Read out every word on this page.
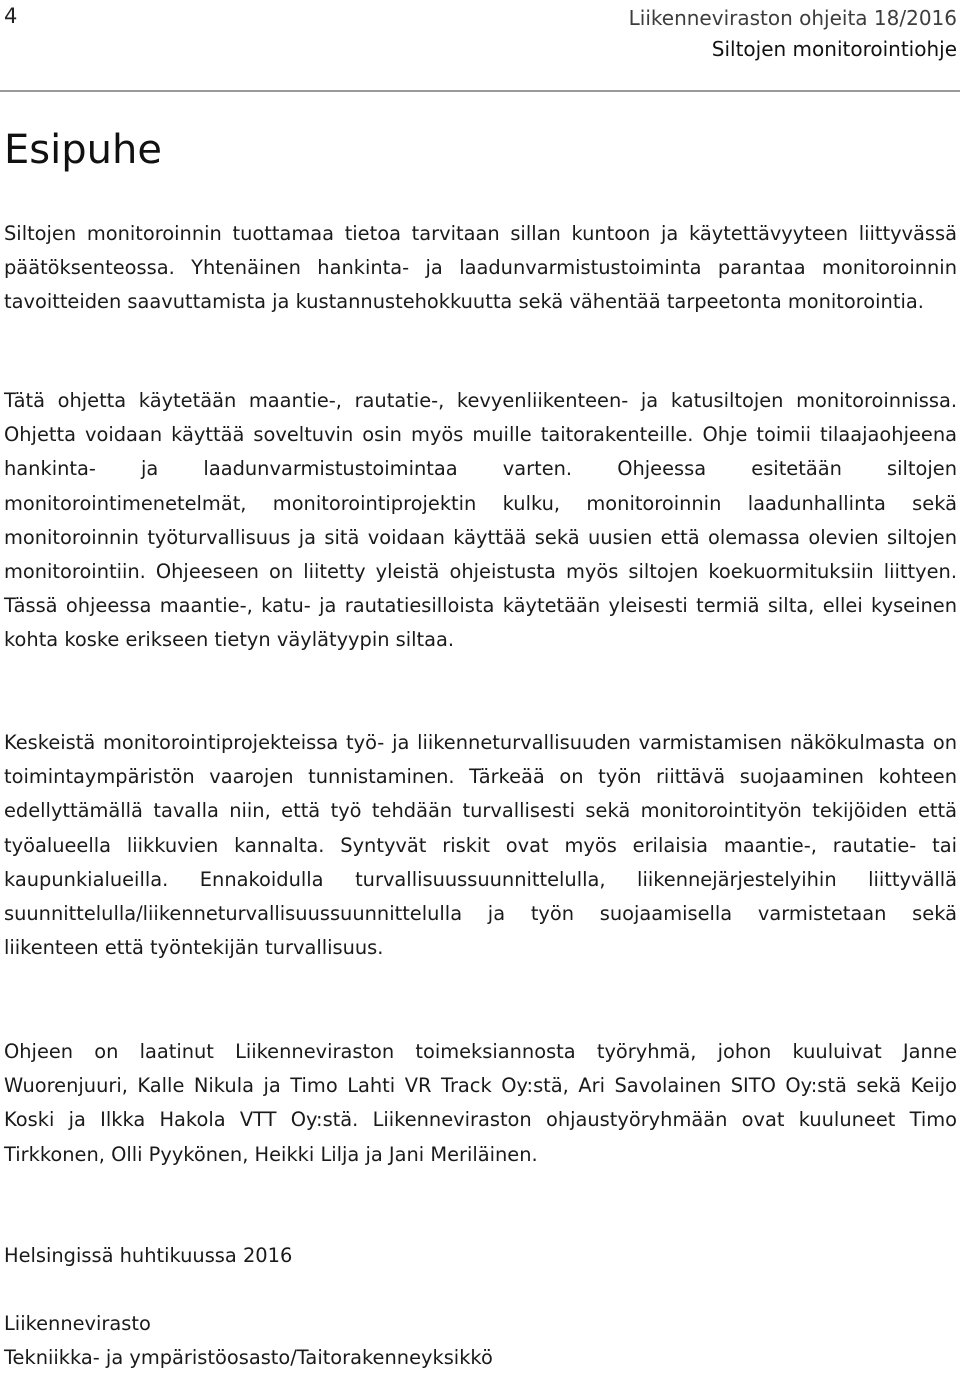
4	Liikenneviraston ohjeita 18/2016
Siltojen monitorointiohje
Esipuhe

Siltojen monitoroinnin tuottamaa tietoa tarvitaan sillan kuntoon ja käytettävyyteen liittyvässä päätöksenteossa. Yhtenäinen hankinta- ja laadunvarmistustoiminta parantaa monitoroinnin tavoitteiden saavuttamista ja kustannustehokkuutta sekä vähentää tarpeetonta monitorointia.

Tätä ohjetta käytetään maantie-, rautatie-, kevyenliikenteen- ja katusiltojen monitoroinnissa. Ohjetta voidaan käyttää soveltuvin osin myös muille taitorakenteille. Ohje toimii tilaajaohjeena hankinta- ja laadunvarmistustoimintaa varten. Ohjeessa esitetään siltojen monitorointimenetelmät, monitorointiprojektin kulku, monitoroinnin laadunhallinta sekä monitoroinnin työturvallisuus ja sitä voidaan käyttää sekä uusien että olemassa olevien siltojen monitorointiin. Ohjeeseen on liitetty yleistä ohjeistusta myös siltojen koekuormituksiin liittyen. Tässä ohjeessa maantie-, katu- ja rautatiesilloista käytetään yleisesti termiä silta, ellei kyseinen kohta koske erikseen tietyn väylätyypin siltaa.

Keskeistä monitorointiprojekteissa työ- ja liikenneturvallisuuden varmistamisen näkökulmasta on toimintaympäristön vaarojen tunnistaminen. Tärkeää on työn riittävä suojaaminen kohteen edellyttämällä tavalla niin, että työ tehdään turvallisesti sekä monitorointityön tekijöiden että työalueella liikkuvien kannalta. Syntyvät riskit ovat myös erilaisia maantie-, rautatie- tai kaupunkialueilla. Ennakoidulla turvallisuussuunnittelulla, liikennejärjestelyihin liittyvällä suunnittelulla/liikenneturvallisuussuunnittelulla ja työn suojaamisella varmistetaan sekä liikenteen että työntekijän turvallisuus.

Ohjeen on laatinut Liikenneviraston toimeksiannosta työryhmä, johon kuuluivat Janne Wuorenjuuri, Kalle Nikula ja Timo Lahti VR Track Oy:stä, Ari Savolainen SITO Oy:stä sekä Keijo Koski ja Ilkka Hakola VTT Oy:stä. Liikenneviraston ohjaustyöryhmään ovat kuuluneet Timo Tirkkonen, Olli Pyykönen, Heikki Lilja ja Jani Meriläinen.

Helsingissä huhtikuussa 2016

Liikennevirasto
Tekniikka- ja ympäristöosasto/Taitorakenneyksikkö
